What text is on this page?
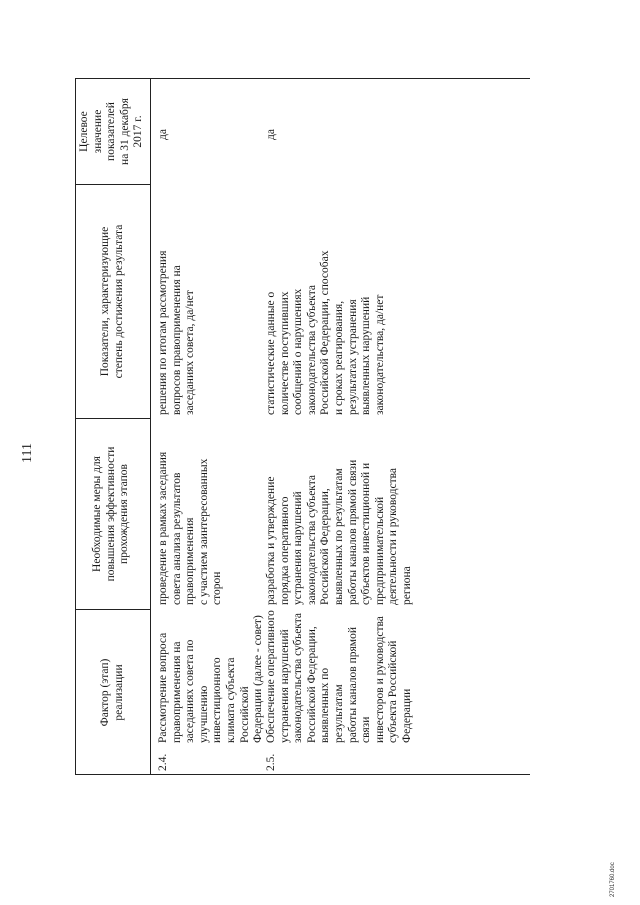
111
Фактор (этап) реализации
Необходимые меры для повышения эффективности прохождения этапов
Показатели, характеризующие степень достижения результата
Целевое значение показателей на 31 декабря 2017 г.
2.4.
Рассмотрение вопроса правоприменения на заседаниях совета по улучшению инвестиционного климата субъекта Российской Федерации (далее - совет)
проведение в рамках заседания совета анализа результатов правоприменения с участием заинтересованных сторон
решения по итогам рассмотрения вопросов правоприменения на заседаниях совета, да/нет
да
2.5.
Обеспечение оперативного устранения нарушений законодательства субъекта Российской Федерации, выявленных по результатам работы каналов прямой связи инвесторов и руководства субъекта Российской Федерации
разработка и утверждение порядка оперативного устранения нарушений законодательства субъекта Российской Федерации, выявленных по результатам работы каналов прямой связи субъектов инвестиционной и предпринимательской деятельности и руководства региона
статистические данные о количестве поступивших сообщений о нарушениях законодательства субъекта Российской Федерации, способах и сроках реагирования, результатах устранения выявленных нарушений законодательства, да/нет
да
2701760.doc
